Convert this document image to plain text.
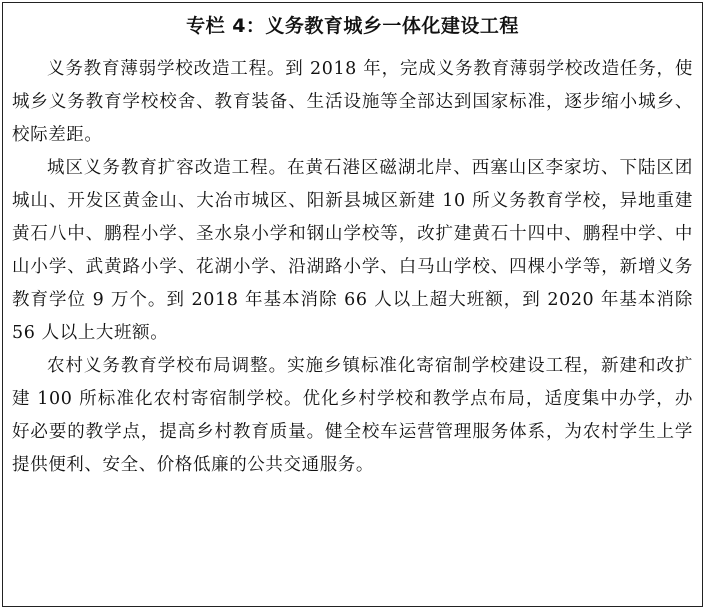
专栏 4：义务教育城乡一体化建设工程

义务教育薄弱学校改造工程。到 2018 年，完成义务教育薄弱学校改造任务，使城乡义务教育学校校舍、教育装备、生活设施等全部达到国家标准，逐步缩小城乡、校际差距。

城区义务教育扩容改造工程。在黄石港区磁湖北岸、西塞山区李家坊、下陆区团城山、开发区黄金山、大冶市城区、阳新县城区新建 10 所义务教育学校，异地重建黄石八中、鹏程小学、圣水泉小学和钢山学校等，改扩建黄石十四中、鹏程中学、中山小学、武黄路小学、花湖小学、沿湖路小学、白马山学校、四棵小学等，新增义务教育学位 9 万个。到 2018 年基本消除 66 人以上超大班额，到 2020 年基本消除 56 人以上大班额。

农村义务教育学校布局调整。实施乡镇标准化寄宿制学校建设工程，新建和改扩建 100 所标准化农村寄宿制学校。优化乡村学校和教学点布局，适度集中办学，办好必要的教学点，提高乡村教育质量。健全校车运营管理服务体系，为农村学生上学提供便利、安全、价格低廉的公共交通服务。
